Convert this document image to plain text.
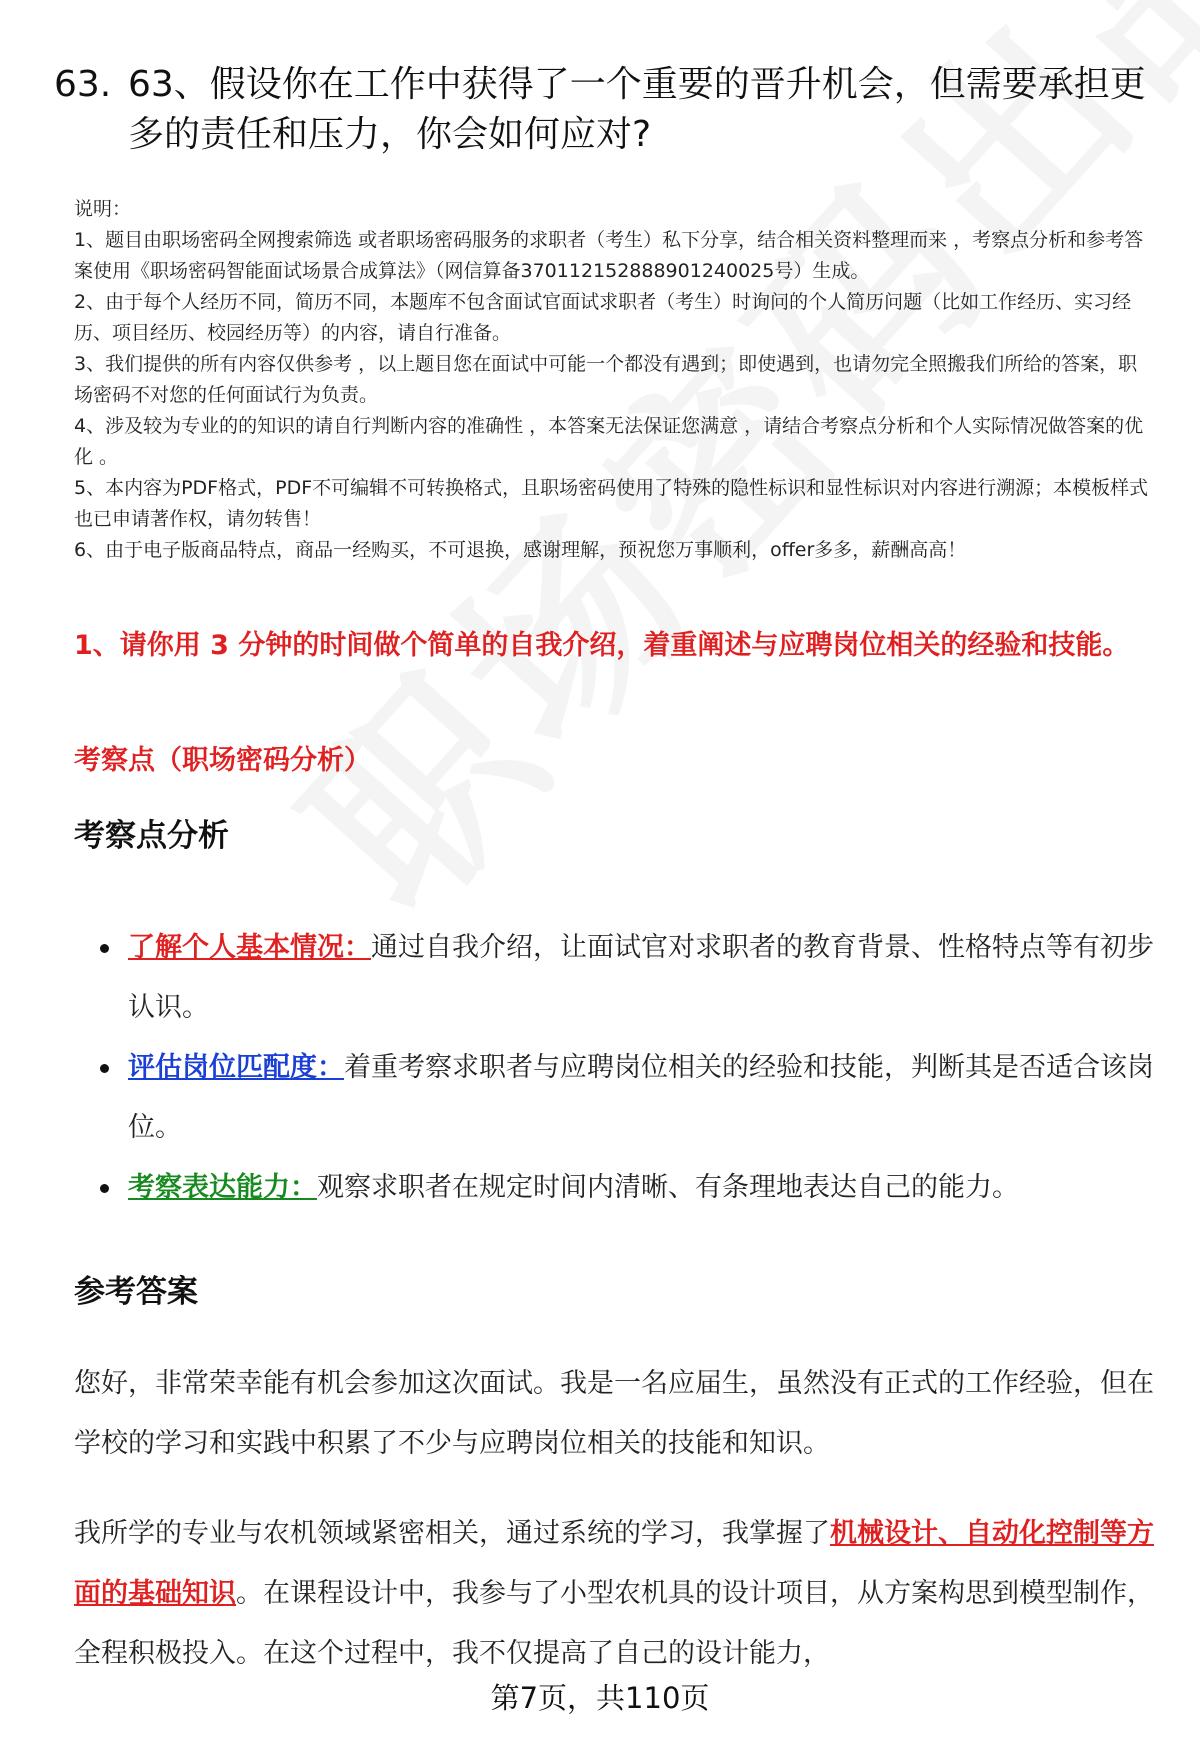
63. 63、假设你在工作中获得了一个重要的晋升机会，但需要承担更多的责任和压力，你会如何应对?
说明：
1、题目由职场密码全网搜索筛选 或者职场密码服务的求职者（考生）私下分享，结合相关资料整理而来 ，考察点分析和参考答案使用《职场密码智能面试场景合成算法》（网信算备370112152888901240025号）生成。
2、由于每个人经历不同，简历不同，本题库不包含面试官面试求职者（考生）时询问的个人简历问题（比如工作经历、实习经历、项目经历、校园经历等）的内容，请自行准备。
3、我们提供的所有内容仅供参考 ，以上题目您在面试中可能一个都没有遇到；即使遇到，也请勿完全照搬我们所给的答案，职场密码不对您的任何面试行为负责。
4、涉及较为专业的的知识的请自行判断内容的准确性 ，本答案无法保证您满意 ，请结合考察点分析和个人实际情况做答案的优化 。
5、本内容为PDF格式，PDF不可编辑不可转换格式，且职场密码使用了特殊的隐性标识和显性标识对内容进行溯源；本模板样式也已申请著作权，请勿转售！
6、由于电子版商品特点，商品一经购买，不可退换，感谢理解，预祝您万事顺利，offer多多，薪酬高高！
1、请你用 3 分钟的时间做个简单的自我介绍，着重阐述与应聘岗位相关的经验和技能。
考察点（职场密码分析）
考察点分析
了解个人基本情况：通过自我介绍，让面试官对求职者的教育背景、性格特点等有初步认识。
评估岗位匹配度：着重考察求职者与应聘岗位相关的经验和技能，判断其是否适合该岗位。
考察表达能力：观察求职者在规定时间内清晰、有条理地表达自己的能力。
参考答案
您好，非常荣幸能有机会参加这次面试。我是一名应届生，虽然没有正式的工作经验，但在学校的学习和实践中积累了不少与应聘岗位相关的技能和知识。
我所学的专业与农机领域紧密相关，通过系统的学习，我掌握了机械设计、自动化控制等方面的基础知识。在课程设计中，我参与了小型农机具的设计项目，从方案构思到模型制作，全程积极投入。在这个过程中，我不仅提高了自己的设计能力，
第7页，共110页
